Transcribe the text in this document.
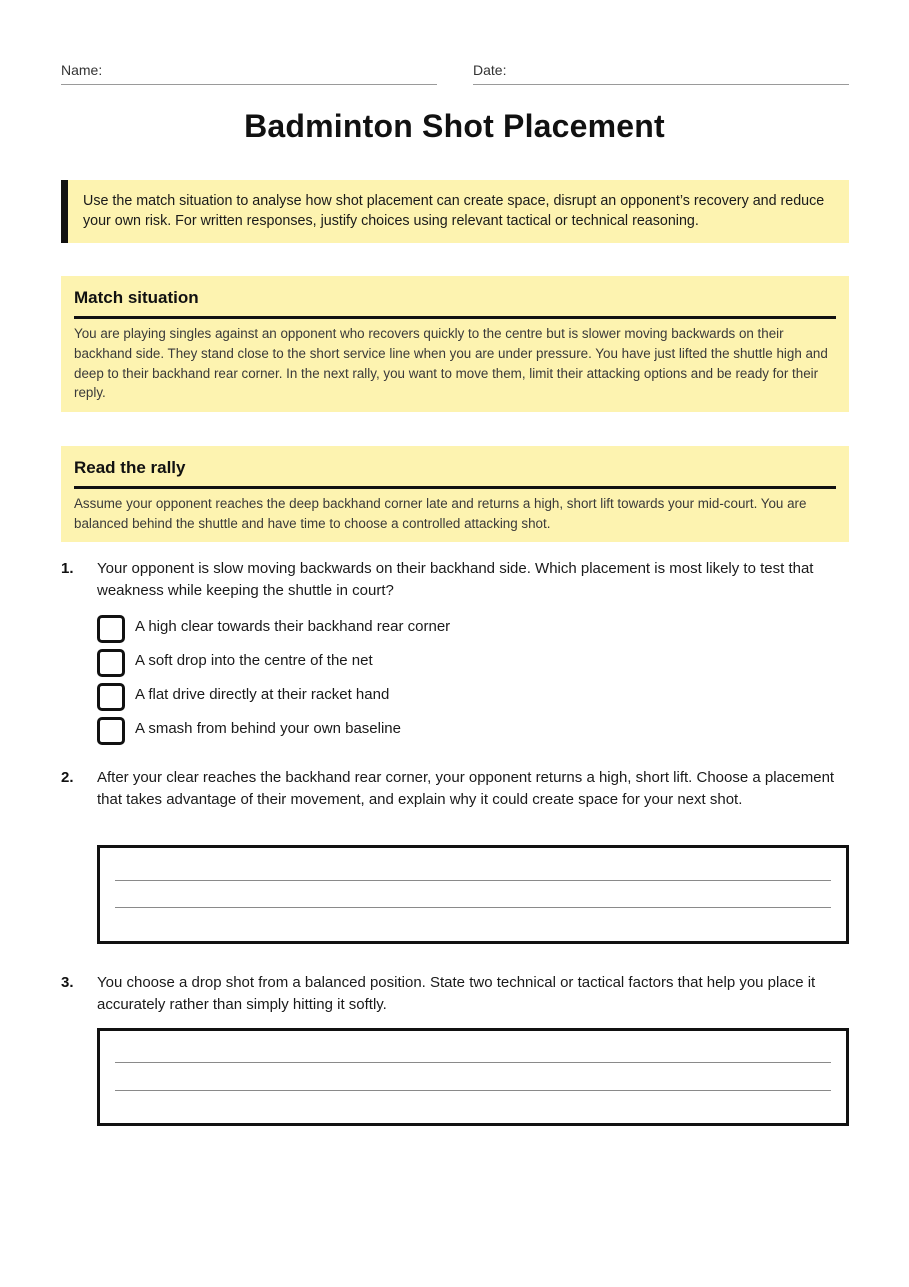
Name:	Date:
Badminton Shot Placement
Use the match situation to analyse how shot placement can create space, disrupt an opponent’s recovery and reduce your own risk. For written responses, justify choices using relevant tactical or technical reasoning.
Match situation
You are playing singles against an opponent who recovers quickly to the centre but is slower moving backwards on their backhand side. They stand close to the short service line when you are under pressure. You have just lifted the shuttle high and deep to their backhand rear corner. In the next rally, you want to move them, limit their attacking options and be ready for their reply.
Read the rally
Assume your opponent reaches the deep backhand corner late and returns a high, short lift towards your mid-court. You are balanced behind the shuttle and have time to choose a controlled attacking shot.
1. Your opponent is slow moving backwards on their backhand side. Which placement is most likely to test that weakness while keeping the shuttle in court?
A high clear towards their backhand rear corner
A soft drop into the centre of the net
A flat drive directly at their racket hand
A smash from behind your own baseline
2. After your clear reaches the backhand rear corner, your opponent returns a high, short lift. Choose a placement that takes advantage of their movement, and explain why it could create space for your next shot.
3. You choose a drop shot from a balanced position. State two technical or tactical factors that help you place it accurately rather than simply hitting it softly.
